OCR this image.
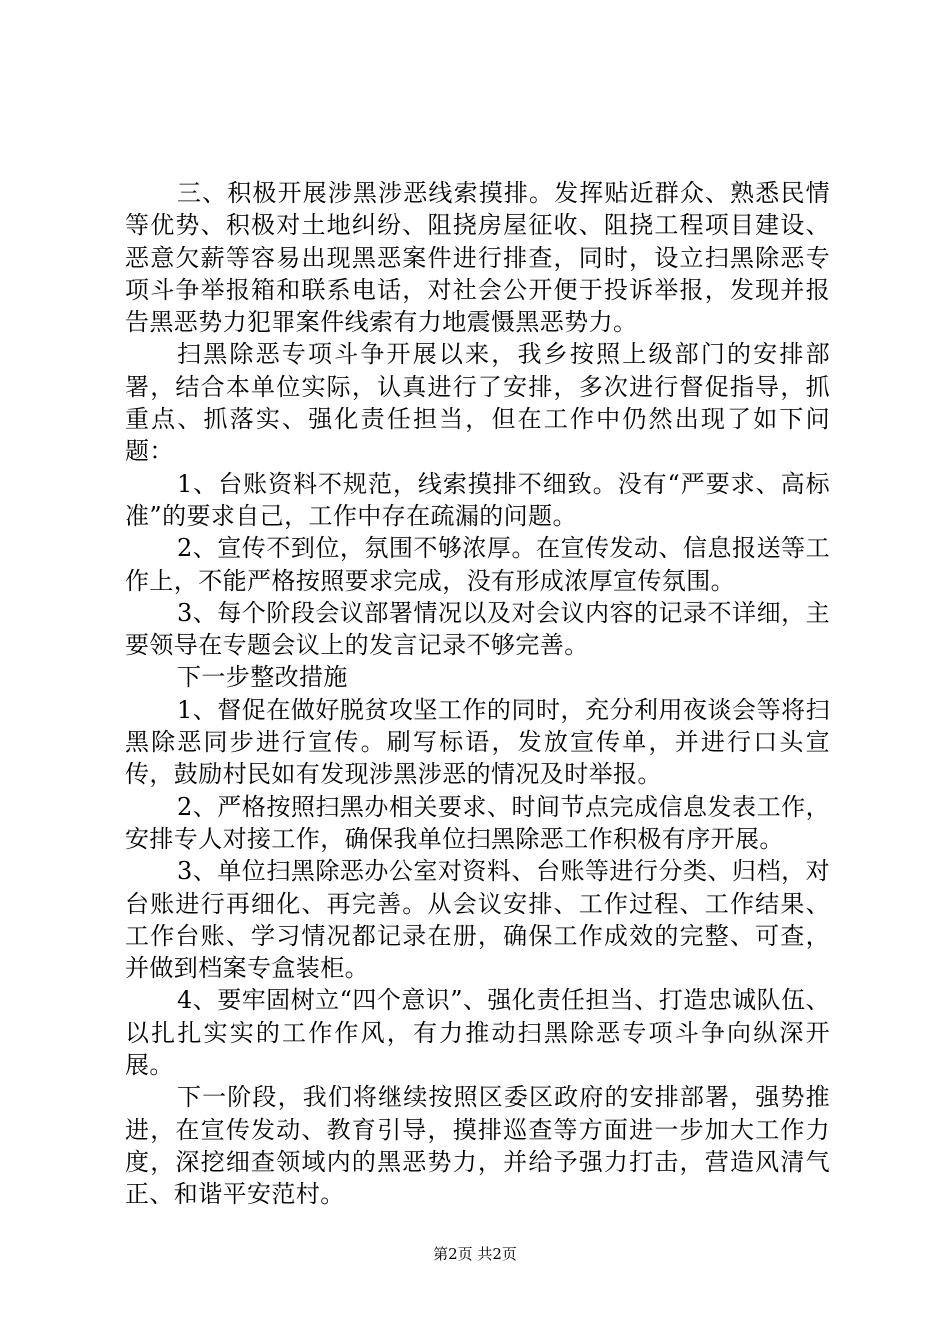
三、积极开展涉黑涉恶线索摸排。发挥贴近群众、熟悉民情等优势、积极对土地纠纷、阻挠房屋征收、阻挠工程项目建设、恶意欠薪等容易出现黑恶案件进行排查，同时，设立扫黑除恶专项斗争举报箱和联系电话，对社会公开便于投诉举报，发现并报告黑恶势力犯罪案件线索有力地震慑黑恶势力。

扫黑除恶专项斗争开展以来，我乡按照上级部门的安排部署，结合本单位实际，认真进行了安排，多次进行督促指导，抓重点、抓落实、强化责任担当，但在工作中仍然出现了如下问题：

1、台账资料不规范，线索摸排不细致。没有“严要求、高标准”的要求自己，工作中存在疏漏的问题。

2、宣传不到位，氛围不够浓厚。在宣传发动、信息报送等工作上，不能严格按照要求完成，没有形成浓厚宣传氛围。

3、每个阶段会议部署情况以及对会议内容的记录不详细，主要领导在专题会议上的发言记录不够完善。

下一步整改措施

1、督促在做好脱贫攻坚工作的同时，充分利用夜谈会等将扫黑除恶同步进行宣传。刷写标语，发放宣传单，并进行口头宣传，鼓励村民如有发现涉黑涉恶的情况及时举报。

2、严格按照扫黑办相关要求、时间节点完成信息发表工作，安排专人对接工作，确保我单位扫黑除恶工作积极有序开展。

3、单位扫黑除恶办公室对资料、台账等进行分类、归档，对台账进行再细化、再完善。从会议安排、工作过程、工作结果、工作台账、学习情况都记录在册，确保工作成效的完整、可查，并做到档案专盒装柜。

4、要牢固树立“四个意识”、强化责任担当、打造忠诚队伍、以扎扎实实的工作作风，有力推动扫黑除恶专项斗争向纵深开展。

下一阶段，我们将继续按照区委区政府的安排部署，强势推进，在宣传发动、教育引导，摸排巡查等方面进一步加大工作力度，深挖细查领域内的黑恶势力，并给予强力打击，营造风清气正、和谐平安范村。

第2页 共2页
